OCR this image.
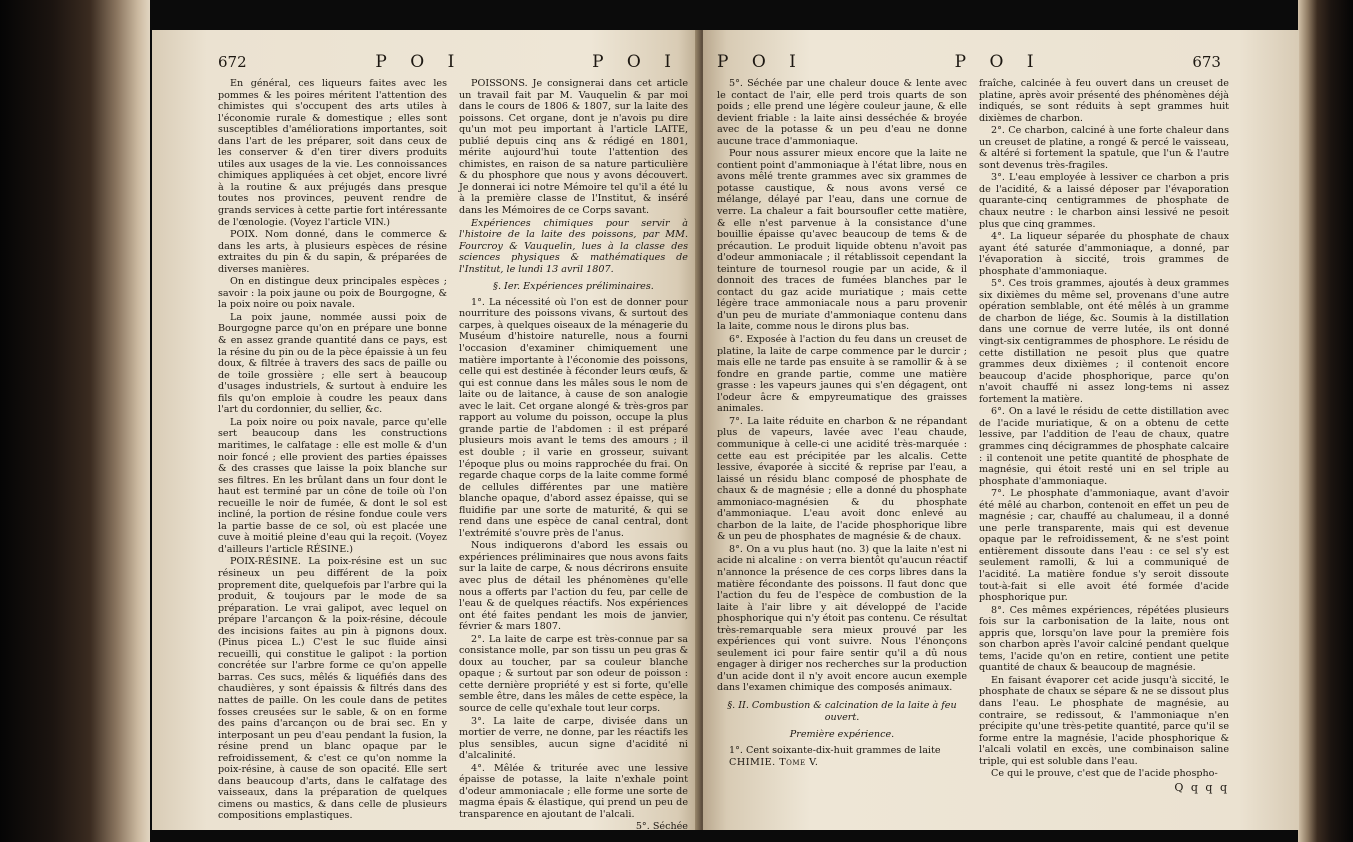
672	P O I	P O I

En général, ces liqueurs faites avec les pommes & les poires méritent l'attention des chimistes qui s'occupent des arts utiles à l'économie rurale & domestique ; elles sont susceptibles d'améliorations importantes, soit dans l'art de les préparer, soit dans ceux de les conserver & d'en tirer divers produits utiles aux usages de la vie. Les connoissances chimiques appliquées à cet objet, encore livré à la routine & aux préjugés dans presque toutes nos provinces, peuvent rendre de grands services à cette partie fort intéressante de l'œnologie. (Voyez l'article VIN.)

POIX. Nom donné, dans le commerce & dans les arts, à plusieurs espèces de résine extraites du pin & du sapin, & préparées de diverses manières.

On en distingue deux principales espèces ; savoir : la poix jaune ou poix de Bourgogne, & la poix noire ou poix navale.

La poix jaune, nommée aussi poix de Bourgogne parce qu'on en prépare une bonne & en assez grande quantité dans ce pays, est la résine du pin ou de la pèce épaissie à un feu doux, & filtrée à travers des sacs de paille ou de toile grossière ; elle sert à beaucoup d'usages industriels, & surtout à enduire les fils qu'on emploie à coudre les peaux dans l'art du cordonnier, du sellier, &c.

La poix noire ou poix navale, parce qu'elle sert beaucoup dans les constructions maritimes, le calfatage : elle est molle & d'un noir foncé ; elle provient des parties épaisses & des crasses que laisse la poix blanche sur ses filtres. En les brûlant dans un four dont le haut est terminé par un cône de toile où l'on recueille le noir de fumée, & dont le sol est incliné, la portion de résine fondue coule vers la partie basse de ce sol, où est placée une cuve à moitié pleine d'eau qui la reçoit. (Voyez d'ailleurs l'article RÉSINE.)

POIX-RÉSINE. La poix-résine est un suc résineux un peu différent de la poix proprement dite, quelquefois par l'arbre qui la produit, & toujours par le mode de sa préparation. Le vrai galipot, avec lequel on prépare l'arcançon & la poix-résine, découle des incisions faites au pin à pignons doux. (Pinus picea L.) C'est le suc fluide ainsi recueilli, qui constitue le galipot : la portion concrétée sur l'arbre forme ce qu'on appelle barras. Ces sucs, mêlés & liquéfiés dans des chaudières, y sont épaissis & filtrés dans des nattes de paille. On les coule dans de petites fosses creusées sur le sable, & on en forme des pains d'arcançon ou de brai sec. En y interposant un peu d'eau pendant la fusion, la résine prend un blanc opaque par le refroidissement, & c'est ce qu'on nomme la poix-résine, à cause de son opacité. Elle sert dans beaucoup d'arts, dans le calfatage des vaisseaux, dans la préparation de quelques cimens ou mastics, & dans celle de plusieurs compositions emplastiques.

POISSONS. Je consignerai dans cet article un travail fait par M. Vauquelin & par moi dans le cours de 1806 & 1807, sur la laite des poissons. Cet organe, dont je n'avois pu dire qu'un mot peu important à l'article LAITE, publié depuis cinq ans & rédigé en 1801, mérite aujourd'hui toute l'attention des chimistes, en raison de sa nature particulière & du phosphore que nous y avons découvert. Je donnerai ici notre Mémoire tel qu'il a été lu à la première classe de l'Institut, & inséré dans les Mémoires de ce Corps savant.

Expériences chimiques pour servir à l'histoire de la laite des poissons, par MM. Fourcroy & Vauquelin, lues à la classe des sciences physiques & mathématiques de l'Institut, le lundi 13 avril 1807.

§. Ier. Expériences préliminaires.

1°. La nécessité où l'on est de donner pour nourriture des poissons vivans, & surtout des carpes, à quelques oiseaux de la ménagerie du Muséum d'histoire naturelle, nous a fourni l'occasion d'examiner chimiquement une matière importante à l'économie des poissons, celle qui est destinée à féconder leurs œufs, & qui est connue dans les mâles sous le nom de laite ou de laitance, à cause de son analogie avec le lait. Cet organe alongé & très-gros par rapport au volume du poisson, occupe la plus grande partie de l'abdomen : il est préparé plusieurs mois avant le tems des amours ; il est double ; il varie en grosseur, suivant l'époque plus ou moins rapprochée du frai. On regarde chaque corps de la laite comme formé de cellules différentes par une matière blanche opaque, d'abord assez épaisse, qui se fluidifie par une sorte de maturité, & qui se rend dans une espèce de canal central, dont l'extrémité s'ouvre près de l'anus.

Nous indiquerons d'abord les essais ou expériences préliminaires que nous avons faits sur la laite de carpe, & nous décrirons ensuite avec plus de détail les phénomènes qu'elle nous a offerts par l'action du feu, par celle de l'eau & de quelques réactifs. Nos expériences ont été faites pendant les mois de janvier, février & mars 1807.

2°. La laite de carpe est très-connue par sa consistance molle, par son tissu un peu gras & doux au toucher, par sa couleur blanche opaque ; & surtout par son odeur de poisson : cette dernière propriété y est si forte, qu'elle semble être, dans les mâles de cette espèce, la source de celle qu'exhale tout leur corps.

3°. La laite de carpe, divisée dans un mortier de verre, ne donne, par les réactifs les plus sensibles, aucun signe d'acidité ni d'alcalinité.

4°. Mêlée & triturée avec une lessive épaisse de potasse, la laite n'exhale point d'odeur ammoniacale ; elle forme une sorte de magma épais & élastique, qui prend un peu de transparence en ajoutant de l'alcali.

5°. Séchée
P O I	P O I	673

5°. Séchée par une chaleur douce & lente avec le contact de l'air, elle perd trois quarts de son poids ; elle prend une légère couleur jaune, & elle devient friable : la laite ainsi desséchée & broyée avec de la potasse & un peu d'eau ne donne aucune trace d'ammoniaque.

Pour nous assurer mieux encore que la laite ne contient point d'ammoniaque à l'état libre, nous en avons mêlé trente grammes avec six grammes de potasse caustique, & nous avons versé ce mélange, délayé par l'eau, dans une cornue de verre. La chaleur a fait boursoufler cette matière, & elle n'est parvenue à la consistance d'une bouillie épaisse qu'avec beaucoup de tems & de précaution. Le produit liquide obtenu n'avoit pas d'odeur ammoniacale ; il rétablissoit cependant la teinture de tournesol rougie par un acide, & il donnoit des traces de fumées blanches par le contact du gaz acide muriatique ; mais cette légère trace ammoniacale nous a paru provenir d'un peu de muriate d'ammoniaque contenu dans la laite, comme nous le dirons plus bas.

6°. Exposée à l'action du feu dans un creuset de platine, la laite de carpe commence par le durcir ; mais elle ne tarde pas ensuite à se ramollir & à se fondre en grande partie, comme une matière grasse : les vapeurs jaunes qui s'en dégagent, ont l'odeur âcre & empyreumatique des graisses animales.

7°. La laite réduite en charbon & ne répandant plus de vapeurs, lavée avec l'eau chaude, communique à celle-ci une acidité très-marquée : cette eau est précipitée par les alcalis. Cette lessive, évaporée à siccité & reprise par l'eau, a laissé un résidu blanc composé de phosphate de chaux & de magnésie ; elle a donné du phosphate ammoniaco-magnésien & du phosphate d'ammoniaque. L'eau avoit donc enlevé au charbon de la laite, de l'acide phosphorique libre & un peu de phosphates de magnésie & de chaux.

8°. On a vu plus haut (no. 3) que la laite n'est ni acide ni alcaline : on verra bientôt qu'aucun réactif n'annonce la présence de ces corps libres dans la matière fécondante des poissons. Il faut donc que l'action du feu de l'espèce de combustion de la laite à l'air libre y ait développé de l'acide phosphorique qui n'y étoit pas contenu. Ce résultat très-remarquable sera mieux prouvé par les expériences qui vont suivre. Nous l'énonçons seulement ici pour faire sentir qu'il a dû nous engager à diriger nos recherches sur la production d'un acide dont il n'y avoit encore aucun exemple dans l'examen chimique des composés animaux.

§. II. Combustion & calcination de la laite à feu ouvert.

Première expérience.

1°. Cent soixante-dix-huit grammes de laite

CHIMIE. Tome V.

fraîche, calcinée à feu ouvert dans un creuset de platine, après avoir présenté des phénomènes déjà indiqués, se sont réduits à sept grammes huit dixièmes de charbon.

2°. Ce charbon, calciné à une forte chaleur dans un creuset de platine, a rongé & percé le vaisseau, & altéré si fortement la spatule, que l'un & l'autre sont devenus très-fragiles.

3°. L'eau employée à lessiver ce charbon a pris de l'acidité, & a laissé déposer par l'évaporation quarante-cinq centigrammes de phosphate de chaux neutre : le charbon ainsi lessivé ne pesoit plus que cinq grammes.

4°. La liqueur séparée du phosphate de chaux ayant été saturée d'ammoniaque, a donné, par l'évaporation à siccité, trois grammes de phosphate d'ammoniaque.

5°. Ces trois grammes, ajoutés à deux grammes six dixièmes du même sel, provenans d'une autre opération semblable, ont été mêlés à un gramme de charbon de liége, &c. Soumis à la distillation dans une cornue de verre lutée, ils ont donné vingt-six centigrammes de phosphore. Le résidu de cette distillation ne pesoit plus que quatre grammes deux dixièmes ; il contenoit encore beaucoup d'acide phosphorique, parce qu'on n'avoit chauffé ni assez long-tems ni assez fortement la matière.

6°. On a lavé le résidu de cette distillation avec de l'acide muriatique, & on a obtenu de cette lessive, par l'addition de l'eau de chaux, quatre grammes cinq décigrammes de phosphate calcaire : il contenoit une petite quantité de phosphate de magnésie, qui étoit resté uni en sel triple au phosphate d'ammoniaque.

7°. Le phosphate d'ammoniaque, avant d'avoir été mêlé au charbon, contenoit en effet un peu de magnésie ; car, chauffé au chalumeau, il a donné une perle transparente, mais qui est devenue opaque par le refroidissement, & ne s'est point entièrement dissoute dans l'eau : ce sel s'y est seulement ramolli, & lui a communiqué de l'acidité. La matière fondue s'y seroit dissoute tout-à-fait si elle avoit été formée d'acide phosphorique pur.

8°. Ces mêmes expériences, répétées plusieurs fois sur la carbonisation de la laite, nous ont appris que, lorsqu'on lave pour la première fois son charbon après l'avoir calciné pendant quelque tems, l'acide qu'on en retire, contient une petite quantité de chaux & beaucoup de magnésie.

En faisant évaporer cet acide jusqu'à siccité, le phosphate de chaux se sépare & ne se dissout plus dans l'eau. Le phosphate de magnésie, au contraire, se redissout, & l'ammoniaque n'en précipite qu'une très-petite quantité, parce qu'il se forme entre la magnésie, l'acide phosphorique & l'alcali volatil en excès, une combinaison saline triple, qui est soluble dans l'eau.

Ce qui le prouve, c'est que de l'acide phospho-

Q q q q
